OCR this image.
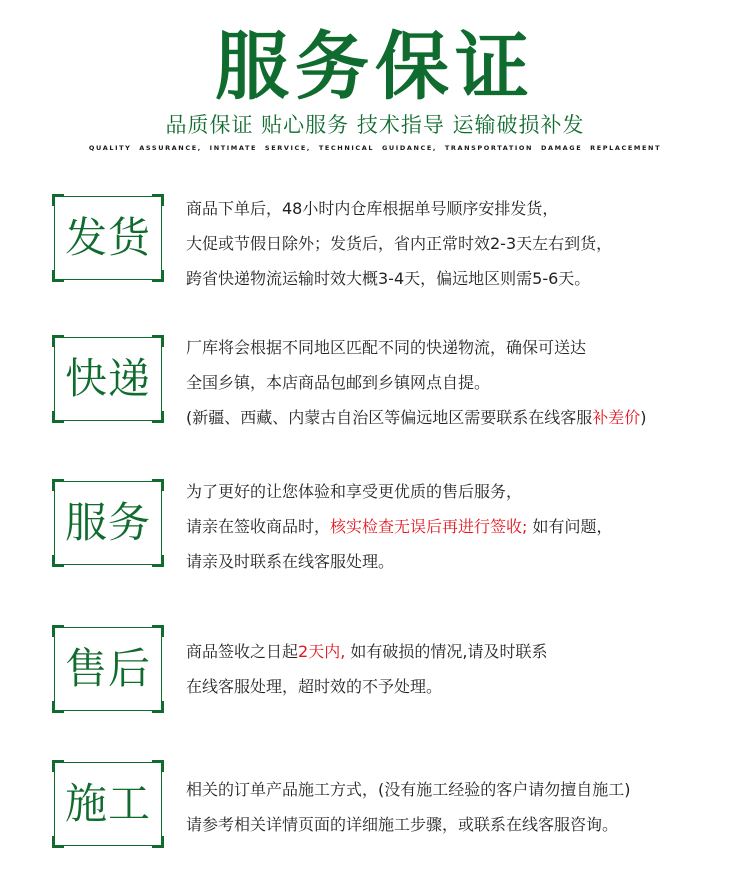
服务保证
品质保证 贴心服务 技术指导 运输破损补发
QUALITY ASSURANCE, INTIMATE SERVICE, TECHNICAL GUIDANCE, TRANSPORTATION DAMAGE REPLACEMENT
发货
商品下单后，48小时内仓库根据单号顺序安排发货，
大促或节假日除外；发货后，省内正常时效2-3天左右到货，
跨省快递物流运输时效大概3-4天，偏远地区则需5-6天。
快递
厂库将会根据不同地区匹配不同的快递物流，确保可送达
全国乡镇，本店商品包邮到乡镇网点自提。
(新疆、西藏、内蒙古自治区等偏远地区需要联系在线客服补差价)
服务
为了更好的让您体验和享受更优质的售后服务，
请亲在签收商品时，核实检查无误后再进行签收; 如有问题，
请亲及时联系在线客服处理。
售后	商品签收之日起2天内, 如有破损的情况,请及时联系
在线客服处理，超时效的不予处理。
施工	相关的订单产品施工方式，(没有施工经验的客户请勿擅自施工)
请参考相关详情页面的详细施工步骤，或联系在线客服咨询。
